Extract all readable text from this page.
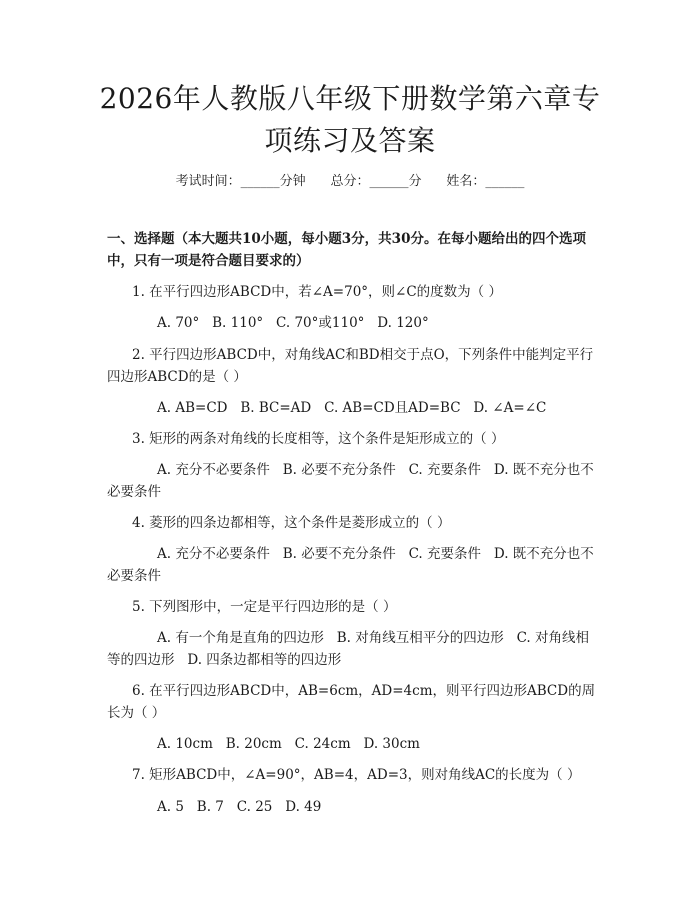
2026年人教版八年级下册数学第六章专项练习及答案
考试时间：______分钟 总分：______分 姓名：______
一、选择题（本大题共10小题，每小题3分，共30分。在每小题给出的四个选项中，只有一项是符合题目要求的）
1. 在平行四边形ABCD中，若∠A=70°，则∠C的度数为（ ）
A. 70°   B. 110°   C. 70°或110°   D. 120°
2. 平行四边形ABCD中，对角线AC和BD相交于点O，下列条件中能判定平行四边形ABCD的是（ ）
A. AB=CD   B. BC=AD   C. AB=CD且AD=BC   D. ∠A=∠C
3. 矩形的两条对角线的长度相等，这个条件是矩形成立的（ ）
A. 充分不必要条件   B. 必要不充分条件   C. 充要条件   D. 既不充分也不必要条件
4. 菱形的四条边都相等，这个条件是菱形成立的（ ）
A. 充分不必要条件   B. 必要不充分条件   C. 充要条件   D. 既不充分也不必要条件
5. 下列图形中，一定是平行四边形的是（ ）
A. 有一个角是直角的四边形   B. 对角线互相平分的四边形   C. 对角线相等的四边形   D. 四条边都相等的四边形
6. 在平行四边形ABCD中，AB=6cm，AD=4cm，则平行四边形ABCD的周长为（ ）
A. 10cm   B. 20cm   C. 24cm   D. 30cm
7. 矩形ABCD中，∠A=90°，AB=4，AD=3，则对角线AC的长度为（ ）
A. 5   B. 7   C. 25   D. 49
